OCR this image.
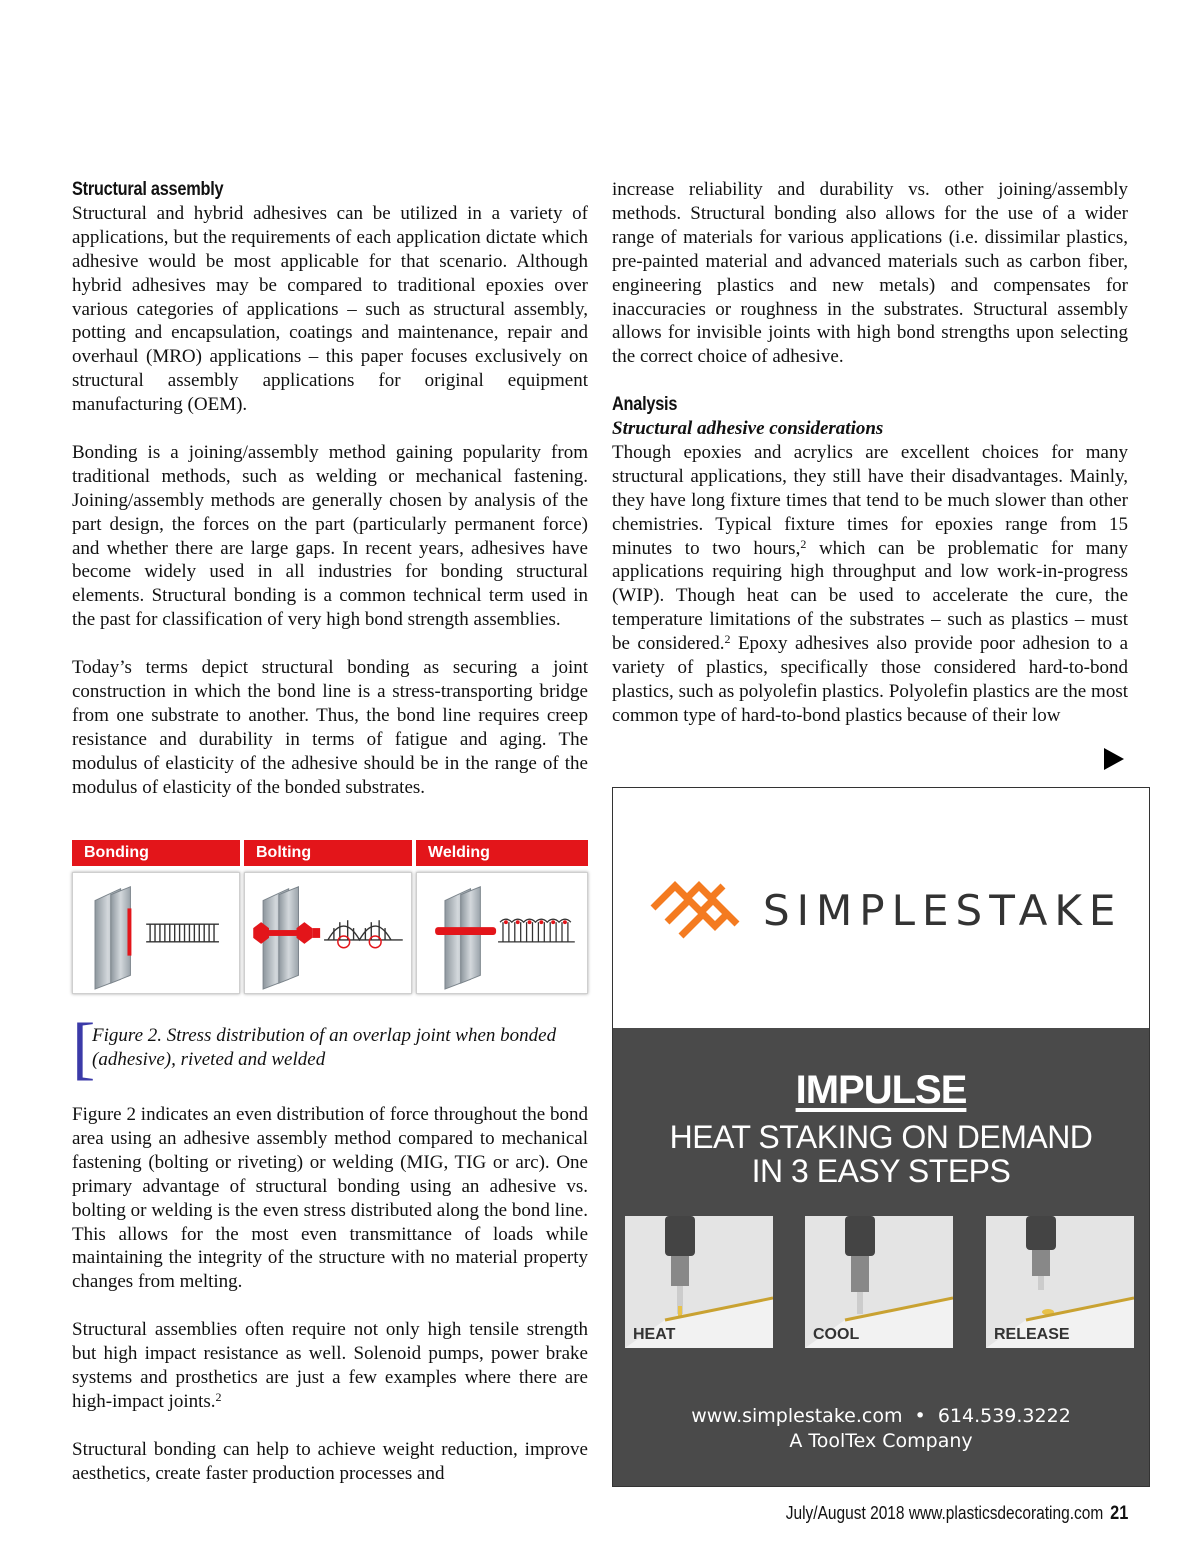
Structural assembly

Structural and hybrid adhesives can be utilized in a variety of applications, but the requirements of each application dictate which adhesive would be most applicable for that scenario. Although hybrid adhesives may be compared to traditional epoxies over various categories of applications – such as structural assembly, potting and encapsulation, coatings and maintenance, repair and overhaul (MRO) applications – this paper focuses exclusively on structural assembly applications for original equipment manufacturing (OEM).

Bonding is a joining/assembly method gaining popularity from traditional methods, such as welding or mechanical fastening. Joining/assembly methods are generally chosen by analysis of the part design, the forces on the part (particularly permanent force) and whether there are large gaps. In recent years, adhesives have become widely used in all industries for bonding structural elements. Structural bonding is a common technical term used in the past for classification of very high bond strength assemblies.

Today’s terms depict structural bonding as securing a joint construction in which the bond line is a stress-transporting bridge from one substrate to another. Thus, the bond line requires creep resistance and durability in terms of fatigue and aging. The modulus of elasticity of the adhesive should be in the range of the modulus of elasticity of the bonded substrates.

Bonding	Bolting	Welding
[
Figure 2. Stress distribution of an overlap joint when bonded (adhesive), riveted and welded

Figure 2 indicates an even distribution of force throughout the bond area using an adhesive assembly method compared to mechanical fastening (bolting or riveting) or welding (MIG, TIG or arc). One primary advantage of structural bonding using an adhesive vs. bolting or welding is the even stress distributed along the bond line. This allows for the most even transmittance of loads while maintaining the integrity of the structure with no material property changes from melting.

Structural assemblies often require not only high tensile strength but high impact resistance as well. Solenoid pumps, power brake systems and prosthetics are just a few examples where there are high-impact joints.$^2$

Structural bonding can help to achieve weight reduction, improve aesthetics, create faster production processes and

increase reliability and durability vs. other joining/assembly methods. Structural bonding also allows for the use of a wider range of materials for various applications (i.e. dissimilar plastics, pre-painted material and advanced materials such as carbon fiber, engineering plastics and new metals) and compensates for inaccuracies or roughness in the substrates. Structural assembly allows for invisible joints with high bond strengths upon selecting the correct choice of adhesive.

Analysis
Structural adhesive considerations

Though epoxies and acrylics are excellent choices for many structural applications, they still have their disadvantages. Mainly, they have long fixture times that tend to be much slower than other chemistries. Typical fixture times for epoxies range from 15 minutes to two hours,$^2$ which can be problematic for many applications requiring high throughput and low work-in-progress (WIP). Though heat can be used to accelerate the cure, the temperature limitations of the substrates – such as plastics – must be considered.$^2$ Epoxy adhesives also provide poor adhesion to a variety of plastics, specifically those considered hard-to-bond plastics, such as polyolefin plastics. Polyolefin plastics are the most common type of hard-to-bond plastics because of their low

SIMPLESTAKE
IMPULSE
HEAT STAKING ON DEMAND
IN 3 EASY STEPS
HEAT	COOL	RELEASE
www.simplestake.com  •  614.539.3222
A ToolTex Company
July/August 2018 www.plasticsdecorating.com 21
